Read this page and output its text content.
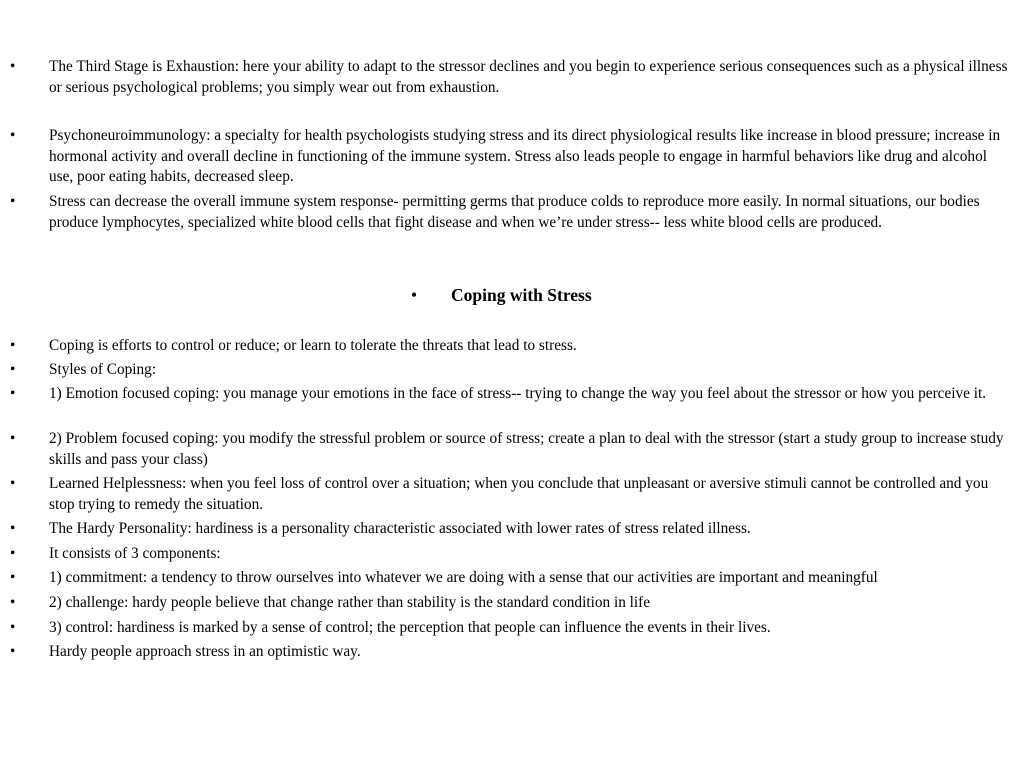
• The Third Stage is Exhaustion: here your ability to adapt to the stressor declines and you begin to experience serious consequences such as a physical illness or serious psychological problems; you simply wear out from exhaustion.
• Psychoneuroimmunology: a specialty for health psychologists studying stress and its direct physiological results like increase in blood pressure; increase in hormonal activity and overall decline in functioning of the immune system. Stress also leads people to engage in harmful behaviors like drug and alcohol use, poor eating habits, decreased sleep.
• Stress can decrease the overall immune system response- permitting germs that produce colds to reproduce more easily. In normal situations, our bodies produce lymphocytes, specialized white blood cells that fight disease and when we’re under stress-- less white blood cells are produced.
• Coping with Stress
• Coping is efforts to control or reduce; or learn to tolerate the threats that lead to stress.
• Styles of Coping:
• 1) Emotion focused coping: you manage your emotions in the face of stress-- trying to change the way you feel about the stressor or how you perceive it.
• 2) Problem focused coping: you modify the stressful problem or source of stress; create a plan to deal with the stressor (start a study group to increase study skills and pass your class)
• Learned Helplessness: when you feel loss of control over a situation; when you conclude that unpleasant or aversive stimuli cannot be controlled and you stop trying to remedy the situation.
• The Hardy Personality: hardiness is a personality characteristic associated with lower rates of stress related illness.
• It consists of 3 components:
• 1) commitment: a tendency to throw ourselves into whatever we are doing with a sense that our activities are important and meaningful
• 2) challenge: hardy people believe that change rather than stability is the standard condition in life
• 3) control: hardiness is marked by a sense of control; the perception that people can influence the events in their lives.
• Hardy people approach stress in an optimistic way.
